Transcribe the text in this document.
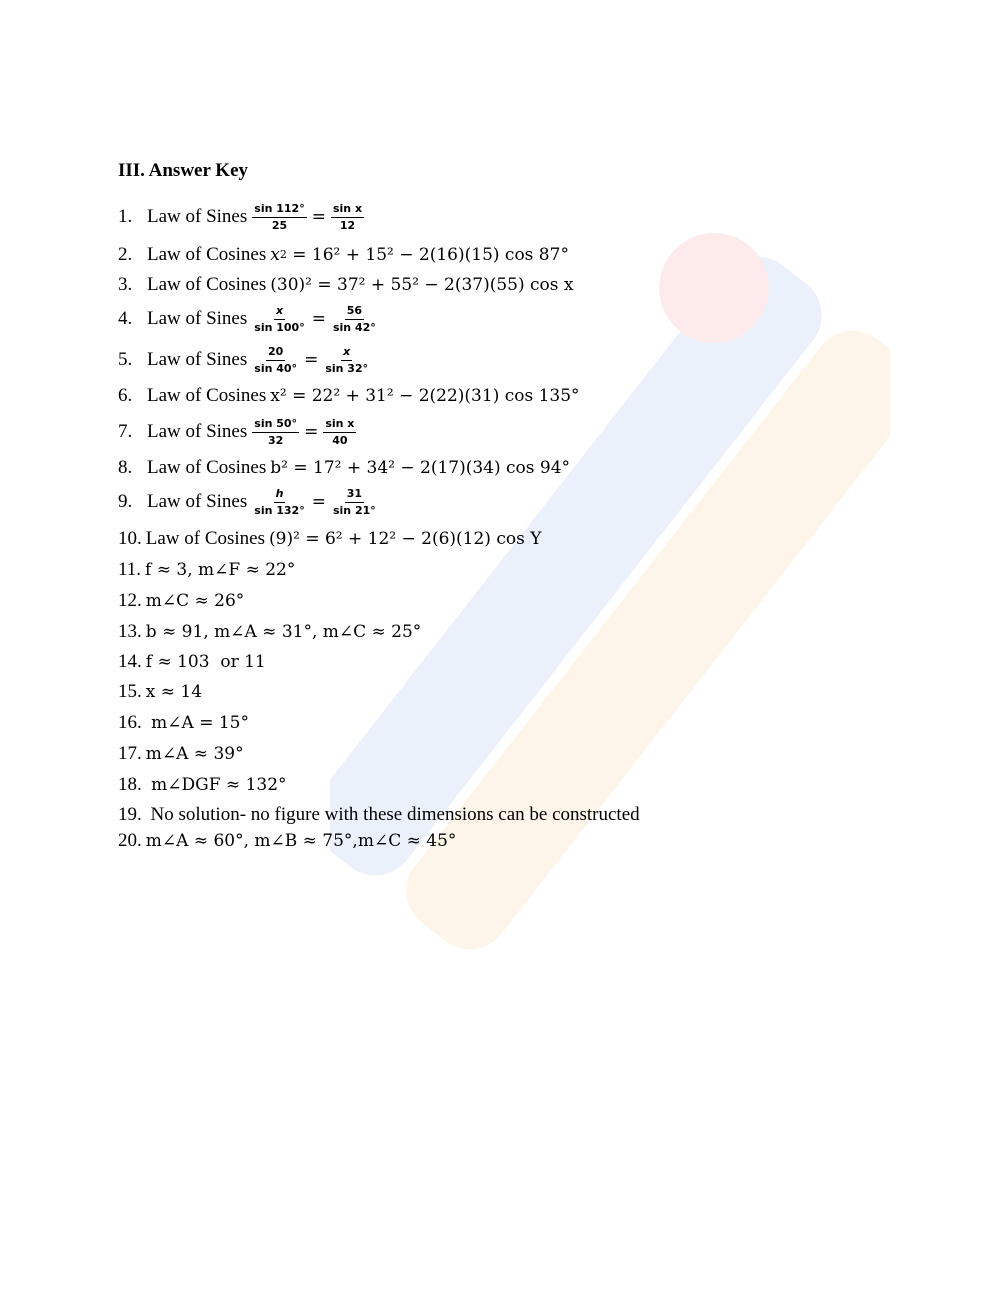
III. Answer Key
1. Law of Sines $\frac{\sin 112^\circ}{25} = \frac{\text{sin x}}{12}$
2. Law of Cosines x 2
= 16² + 15² − 2(16)(15) cos 87°
3. Law of Cosines (30)² = 37² + 55² − 2(37)(55) cos x
4. Law of Sines $\frac{x}{\sin 100^\circ} = \frac{56}{\sin 42^\circ}$
5. Law of Sines $\frac{20}{\sin 40^\circ} = \frac{x}{\sin 32^\circ}$
6. Law of Cosines x² = 22² + 31² − 2(22)(31) cos 135°
7. Law of Sines $\frac{\sin 50^\circ}{32} = \frac{\text{sin x}}{40}$
8. Law of Cosines b² = 17² + 34² − 2(17)(34) cos 94°
9. Law of Sines $\frac{h}{\sin 132^\circ} = \frac{31}{\sin 21^\circ}$
10. Law of Cosines (9)² = 6² + 12² − 2(6)(12) cos Y
11. f ≈ 3, m∠F ≈ 22°
12. m∠C ≈ 26°
13. b ≈ 91, m∠A ≈ 31°, m∠C ≈ 25°
14. f ≈ 103  or 11
15. x ≈ 14
16. m∠A = 15°
17. m∠A ≈ 39°
18. m∠DGF ≈ 132°
19. No solution- no figure with these dimensions can be constructed
20. m∠A ≈ 60°, m∠B ≈ 75°,m∠C ≈ 45°
